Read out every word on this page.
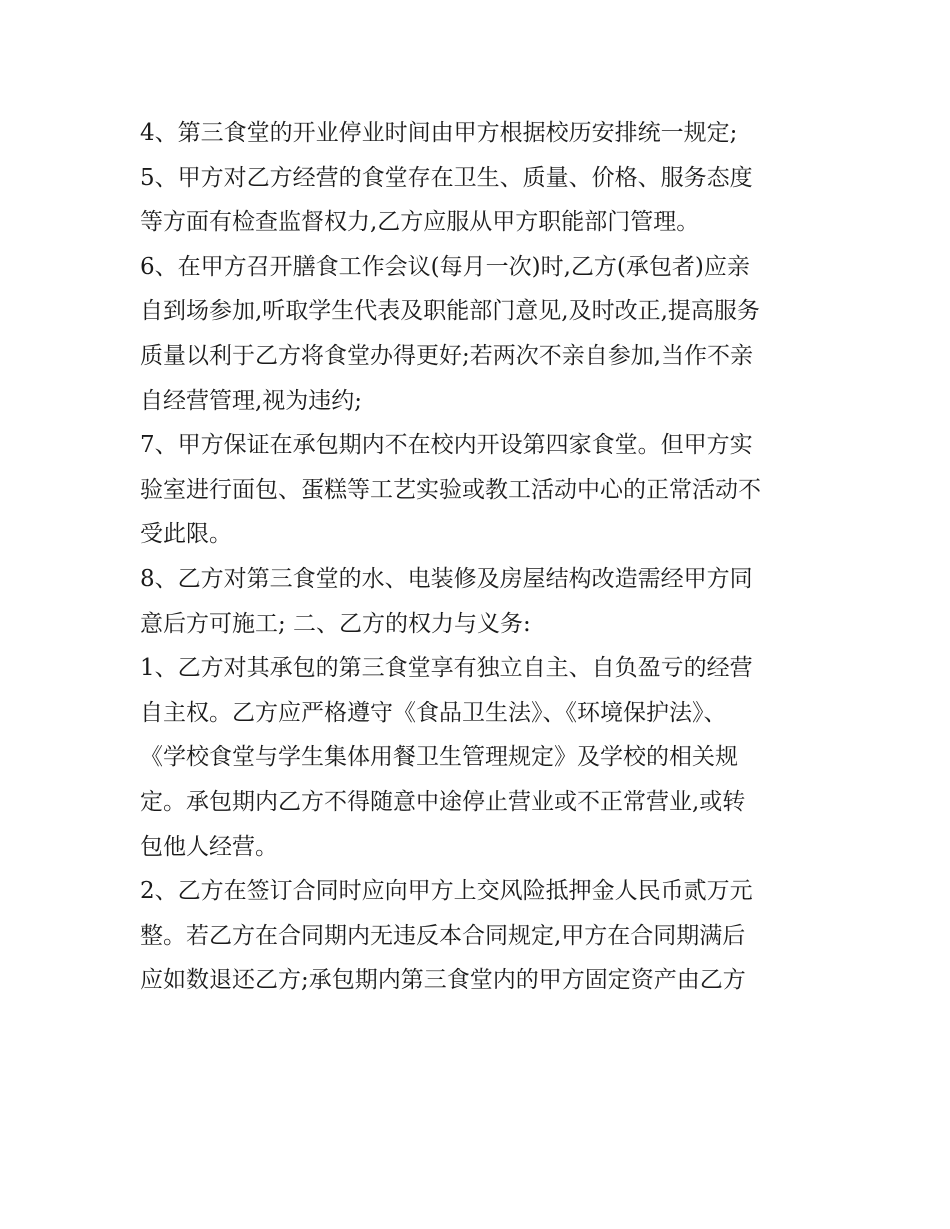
4、第三食堂的开业停业时间由甲方根据校历安排统一规定;
5、甲方对乙方经营的食堂存在卫生、质量、价格、服务态度
等方面有检查监督权力,乙方应服从甲方职能部门管理。
6、在甲方召开膳食工作会议(每月一次)时,乙方(承包者)应亲
自到场参加,听取学生代表及职能部门意见,及时改正,提高服务
质量以利于乙方将食堂办得更好;若两次不亲自参加,当作不亲
自经营管理,视为违约;
7、甲方保证在承包期内不在校内开设第四家食堂。但甲方实
验室进行面包、蛋糕等工艺实验或教工活动中心的正常活动不
受此限。
8、乙方对第三食堂的水、电装修及房屋结构改造需经甲方同
意后方可施工; 二、乙方的权力与义务:
1、乙方对其承包的第三食堂享有独立自主、自负盈亏的经营
自主权。乙方应严格遵守《食品卫生法》、《环境保护法》、
《学校食堂与学生集体用餐卫生管理规定》及学校的相关规
定。承包期内乙方不得随意中途停止营业或不正常营业,或转
包他人经营。
2、乙方在签订合同时应向甲方上交风险抵押金人民币贰万元
整。若乙方在合同期内无违反本合同规定,甲方在合同期满后
应如数退还乙方;承包期内第三食堂内的甲方固定资产由乙方
